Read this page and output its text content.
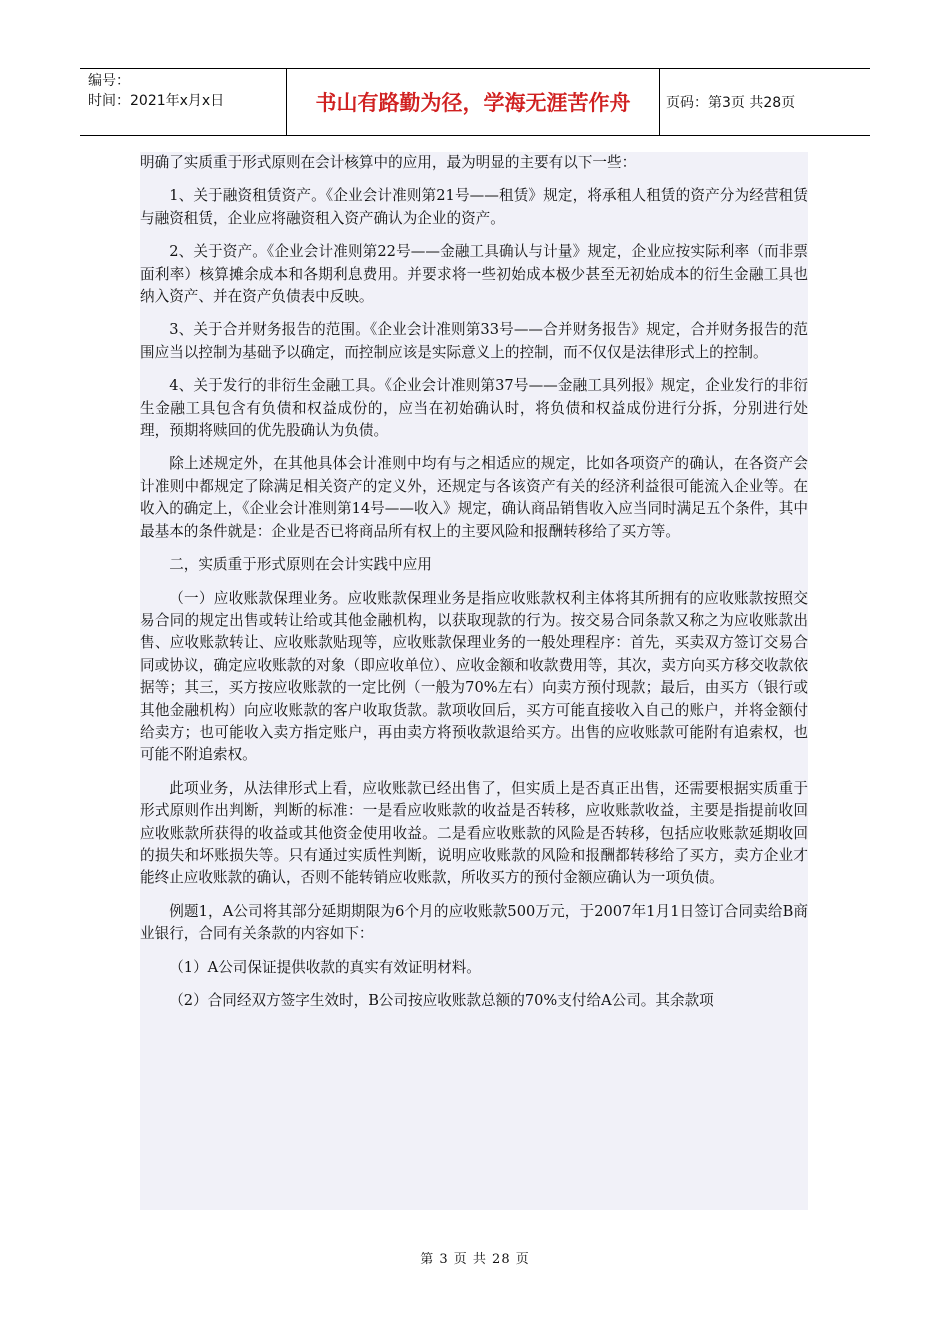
编号：
时间：2021年x月x日	书山有路勤为径，学海无涯苦作舟	页码：第3页 共28页

明确了实质重于形式原则在会计核算中的应用，最为明显的主要有以下一些：

1、关于融资租赁资产。《企业会计准则第21号——租赁》规定，将承租人租赁的资产分为经营租赁与融资租赁，企业应将融资租入资产确认为企业的资产。

2、关于资产。《企业会计准则第22号——金融工具确认与计量》规定，企业应按实际利率（而非票面利率）核算摊余成本和各期利息费用。并要求将一些初始成本极少甚至无初始成本的衍生金融工具也纳入资产、并在资产负债表中反映。

3、关于合并财务报告的范围。《企业会计准则第33号——合并财务报告》规定，合并财务报告的范围应当以控制为基础予以确定，而控制应该是实际意义上的控制，而不仅仅是法律形式上的控制。

4、关于发行的非衍生金融工具。《企业会计准则第37号——金融工具列报》规定，企业发行的非衍生金融工具包含有负债和权益成份的，应当在初始确认时，将负债和权益成份进行分拆，分别进行处理，预期将赎回的优先股确认为负债。

除上述规定外，在其他具体会计准则中均有与之相适应的规定，比如各项资产的确认，在各资产会计准则中都规定了除满足相关资产的定义外，还规定与各该资产有关的经济利益很可能流入企业等。在收入的确定上，《企业会计准则第14号——收入》规定，确认商品销售收入应当同时满足五个条件，其中最基本的条件就是：企业是否已将商品所有权上的主要风险和报酬转移给了买方等。

二，实质重于形式原则在会计实践中应用

（一）应收账款保理业务。应收账款保理业务是指应收账款权利主体将其所拥有的应收账款按照交易合同的规定出售或转让给或其他金融机构，以获取现款的行为。按交易合同条款又称之为应收账款出售、应收账款转让、应收账款贴现等，应收账款保理业务的一般处理程序：首先，买卖双方签订交易合同或协议，确定应收账款的对象（即应收单位）、应收金额和收款费用等，其次，卖方向买方移交收款依据等；其三，买方按应收账款的一定比例（一般为70%左右）向卖方预付现款；最后，由买方（银行或其他金融机构）向应收账款的客户收取货款。款项收回后，买方可能直接收入自己的账户，并将金额付给卖方；也可能收入卖方指定账户，再由卖方将预收款退给买方。出售的应收账款可能附有追索权，也可能不附追索权。

此项业务，从法律形式上看，应收账款已经出售了，但实质上是否真正出售，还需要根据实质重于形式原则作出判断，判断的标准：一是看应收账款的收益是否转移，应收账款收益，主要是指提前收回应收账款所获得的收益或其他资金使用收益。二是看应收账款的风险是否转移，包括应收账款延期收回的损失和坏账损失等。只有通过实质性判断，说明应收账款的风险和报酬都转移给了买方，卖方企业才能终止应收账款的确认，否则不能转销应收账款，所收买方的预付金额应确认为一项负债。

例题1，A公司将其部分延期期限为6个月的应收账款500万元，于2007年1月1日签订合同卖给B商业银行，合同有关条款的内容如下：

（1）A公司保证提供收款的真实有效证明材料。

（2）合同经双方签字生效时，B公司按应收账款总额的70%支付给A公司。其余款项

第 3 页 共 28 页
